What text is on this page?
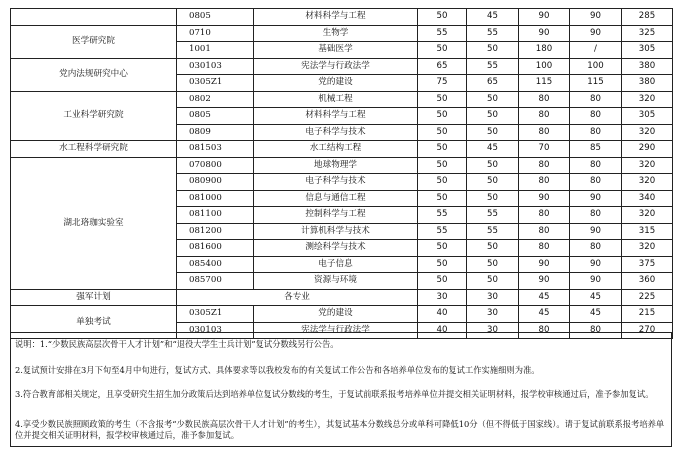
	0805	材料科学与工程	50	45	90	90	285
医学研究院	0710	生物学	55	55	90	90	325
	1001	基础医学	50	50	180	/	305
党内法规研究中心	030103	宪法学与行政法学	65	55	100	100	380
	0305Z1	党的建设	75	65	115	115	380
工业科学研究院	0802	机械工程	50	50	80	80	320
	0805	材料科学与工程	50	50	80	80	305
	0809	电子科学与技术	50	50	80	80	320
水工程科学研究院	081503	水工结构工程	50	45	70	85	290
湖北珞珈实验室	070800	地球物理学	50	50	80	80	320
	080900	电子科学与技术	50	50	80	80	320
	081000	信息与通信工程	50	50	90	90	340
	081100	控制科学与工程	55	55	80	80	320
	081200	计算机科学与技术	55	55	80	90	315
	081600	测绘科学与技术	50	50	80	80	320
	085400	电子信息	50	50	90	90	375
	085700	资源与环境	50	50	90	90	360
强军计划	各专业		30	30	45	45	225
单独考试	0305Z1	党的建设	40	30	45	45	215
	030103	宪法学与行政法学	40	30	80	80	270
说明：1.“少数民族高层次骨干人才计划”和“退役大学生士兵计划”复试分数线另行公告。
2.复试预计安排在3月下旬至4月中旬进行，复试方式、具体要求等以我校发布的有关复试工作公告和各培养单位发布的复试工作实施细则为准。
3.符合教育部相关规定，且享受研究生招生加分政策后达到培养单位复试分数线的考生，于复试前联系报考培养单位并提交相关证明材料，报学校审核通过后，准予参加复试。
4.享受少数民族照顾政策的考生（不含报考“少数民族高层次骨干人才计划”的考生），其复试基本分数线总分或单科可降低10分（但不得低于国家线）。请于复试前联系报考培养单位并提交相关证明材料，报学校审核通过后，准予参加复试。
